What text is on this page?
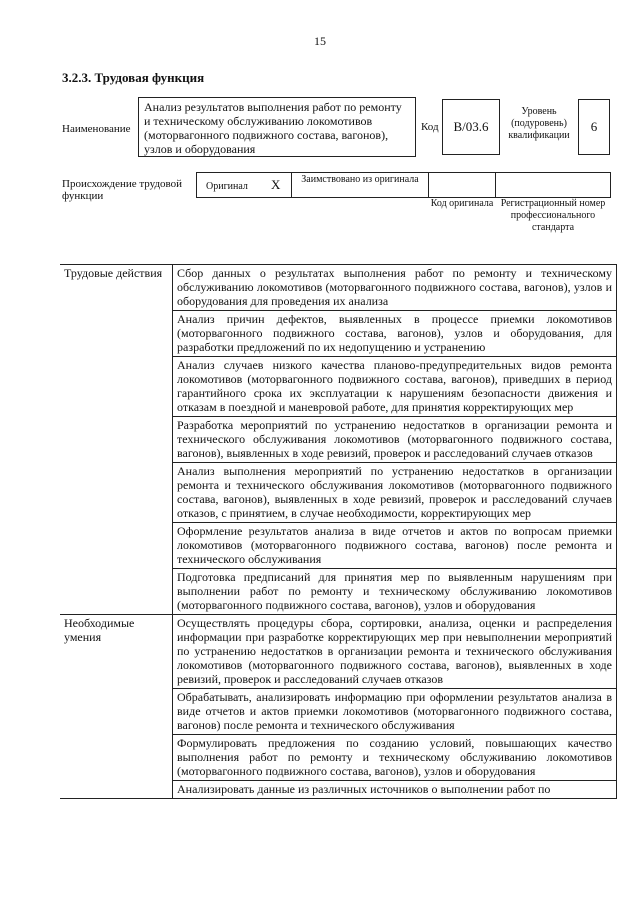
15
3.2.3. Трудовая функция
Наименование
Анализ результатов выполнения работ по ремонту и техническому обслуживанию локомотивов (моторвагонного подвижного состава, вагонов), узлов и оборудования
Код	B/03.6
Уровень (подуровень) квалификации
6
Происхождение трудовой функции
Оригинал X	Заимствовано из оригинала
Код оригинала Регистрационный номер профессионального стандарта
Трудовые действия	Сбор данных о результатах выполнения работ по ремонту и техническому обслуживанию локомотивов (моторвагонного подвижного состава, вагонов), узлов и оборудования для проведения их анализа
	Анализ причин дефектов, выявленных в процессе приемки локомотивов (моторвагонного подвижного состава, вагонов), узлов и оборудования, для разработки предложений по их недопущению и устранению
	Анализ случаев низкого качества планово-предупредительных видов ремонта локомотивов (моторвагонного подвижного состава, вагонов), приведших в период гарантийного срока их эксплуатации к нарушениям безопасности движения и отказам в поездной и маневровой работе, для принятия корректирующих мер
	Разработка мероприятий по устранению недостатков в организации ремонта и технического обслуживания локомотивов (моторвагонного подвижного состава, вагонов), выявленных в ходе ревизий, проверок и расследований случаев отказов
	Анализ выполнения мероприятий по устранению недостатков в организации ремонта и технического обслуживания локомотивов (моторвагонного подвижного состава, вагонов), выявленных в ходе ревизий, проверок и расследований случаев отказов, с принятием, в случае необходимости, корректирующих мер
	Оформление результатов анализа в виде отчетов и актов по вопросам приемки локомотивов (моторвагонного подвижного состава, вагонов) после ремонта и технического обслуживания
	Подготовка предписаний для принятия мер по выявленным нарушениям при выполнении работ по ремонту и техническому обслуживанию локомотивов (моторвагонного подвижного состава, вагонов), узлов и оборудования
Необходимые умения	Осуществлять процедуры сбора, сортировки, анализа, оценки и распределения информации при разработке корректирующих мер при невыполнении мероприятий по устранению недостатков в организации ремонта и технического обслуживания локомотивов (моторвагонного подвижного состава, вагонов), выявленных в ходе ревизий, проверок и расследований случаев отказов
	Обрабатывать, анализировать информацию при оформлении результатов анализа в виде отчетов и актов приемки локомотивов (моторвагонного подвижного состава, вагонов) после ремонта и технического обслуживания
	Формулировать предложения по созданию условий, повышающих качество выполнения работ по ремонту и техническому обслуживанию локомотивов (моторвагонного подвижного состава, вагонов), узлов и оборудования
	Анализировать данные из различных источников о выполнении работ по
